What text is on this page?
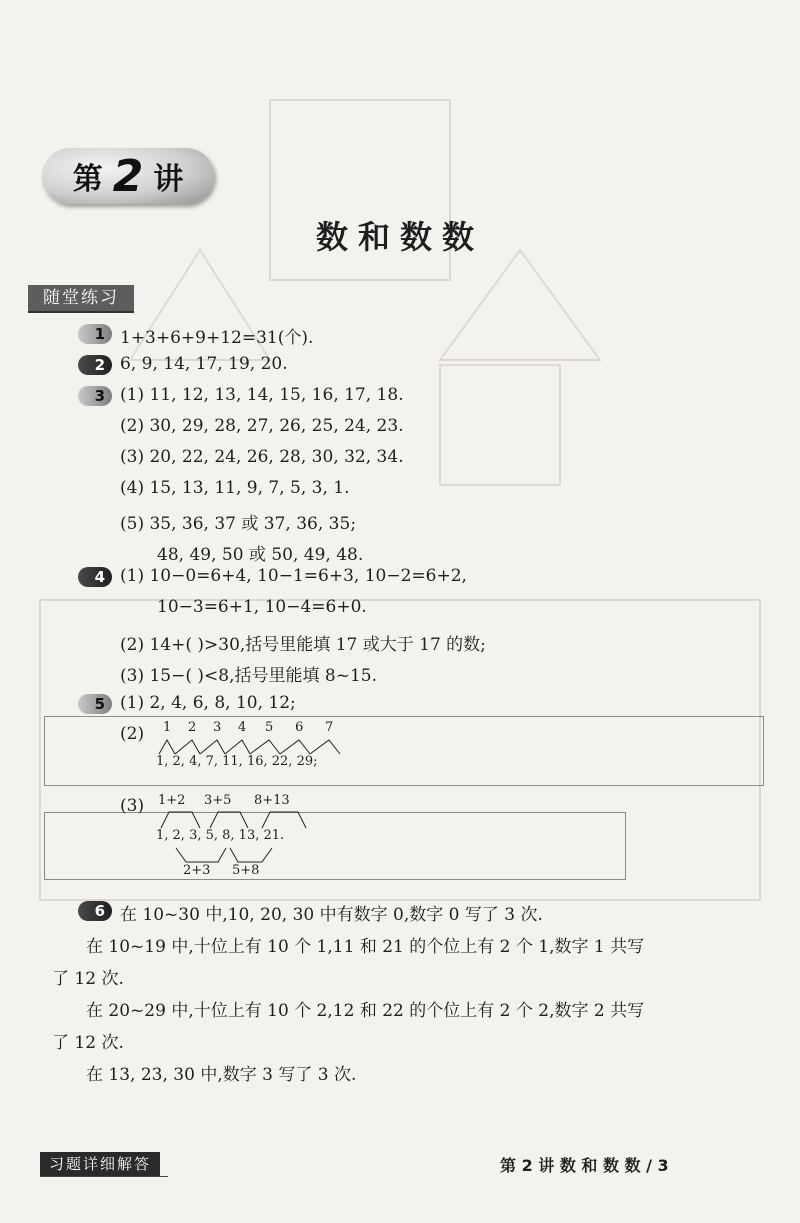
第 2 讲
数和数数
随堂练习
1 1+3+6+9+12=31(个).
2 6, 9, 14, 17, 19, 20.
3 (1) 11, 12, 13, 14, 15, 16, 17, 18.
(2) 30, 29, 28, 27, 26, 25, 24, 23.
(3) 20, 22, 24, 26, 28, 30, 32, 34.
(4) 15, 13, 11, 9, 7, 5, 3, 1.
(5) 35, 36, 37 或 37, 36, 35;
48, 49, 50 或 50, 49, 48.
4 (1) 10−0=6+4, 10−1=6+3, 10−2=6+2,
10−3=6+1, 10−4=6+0.
(2) 14+( )>30,括号里能填 17 或大于 17 的数;
(3) 15−( )<8,括号里能填 8~15.
5 (1) 2, 4, 6, 8, 10, 12;
(2) 1 2 3 4 5 6 7
1, 2, 4, 7, 11, 16, 22, 29;
(3) 1+2 3+5 8+13
1, 2, 3, 5, 8, 13, 21.
2+3 5+8
6 在 10~30 中,10, 20, 30 中有数字 0,数字 0 写了 3 次.
在 10~19 中,十位上有 10 个 1,11 和 21 的个位上有 2 个 1,数字 1 共写
了 12 次.
在 20~29 中,十位上有 10 个 2,12 和 22 的个位上有 2 个 2,数字 2 共写
了 12 次.
在 13, 23, 30 中,数字 3 写了 3 次.
习题详细解答	第 2 讲 数 和 数 数 / 3
